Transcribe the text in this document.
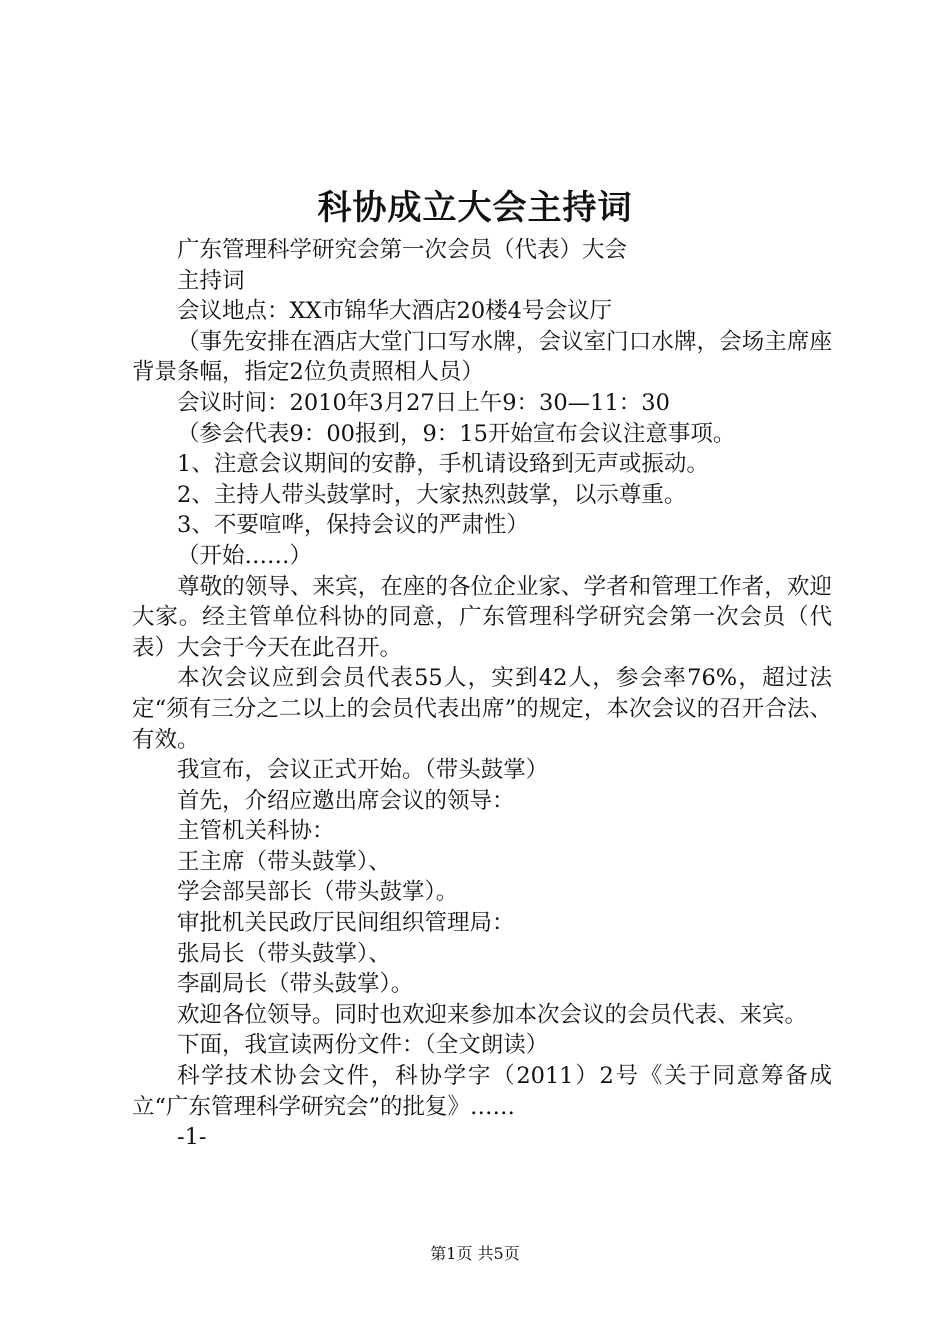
科协成立大会主持词

广东管理科学研究会第一次会员（代表）大会

主持词

会议地点：XX市锦华大酒店20楼4号会议厅

（事先安排在酒店大堂门口写水牌，会议室门口水牌，会场主席座背景条幅，指定2位负责照相人员）

会议时间：2010年3月27日上午9：30—11：30

（参会代表9：00报到，9：15开始宣布会议注意事项。

1、注意会议期间的安静，手机请设臵到无声或振动。

2、主持人带头鼓掌时，大家热烈鼓掌，以示尊重。

3、不要喧哗，保持会议的严肃性）

（开始……）

尊敬的领导、来宾，在座的各位企业家、学者和管理工作者，欢迎大家。经主管单位科协的同意，广东管理科学研究会第一次会员（代表）大会于今天在此召开。

本次会议应到会员代表55人，实到42人，参会率76%，超过法定“须有三分之二以上的会员代表出席”的规定，本次会议的召开合法、有效。

我宣布，会议正式开始。（带头鼓掌）

首先，介绍应邀出席会议的领导：

主管机关科协：

王主席（带头鼓掌）、

学会部吴部长（带头鼓掌）。

审批机关民政厅民间组织管理局：

张局长（带头鼓掌）、

李副局长（带头鼓掌）。

欢迎各位领导。同时也欢迎来参加本次会议的会员代表、来宾。

下面，我宣读两份文件：（全文朗读）

科学技术协会文件，科协学字（2011）2号《关于同意筹备成立“广东管理科学研究会”的批复》……

-1-

第1页 共5页
